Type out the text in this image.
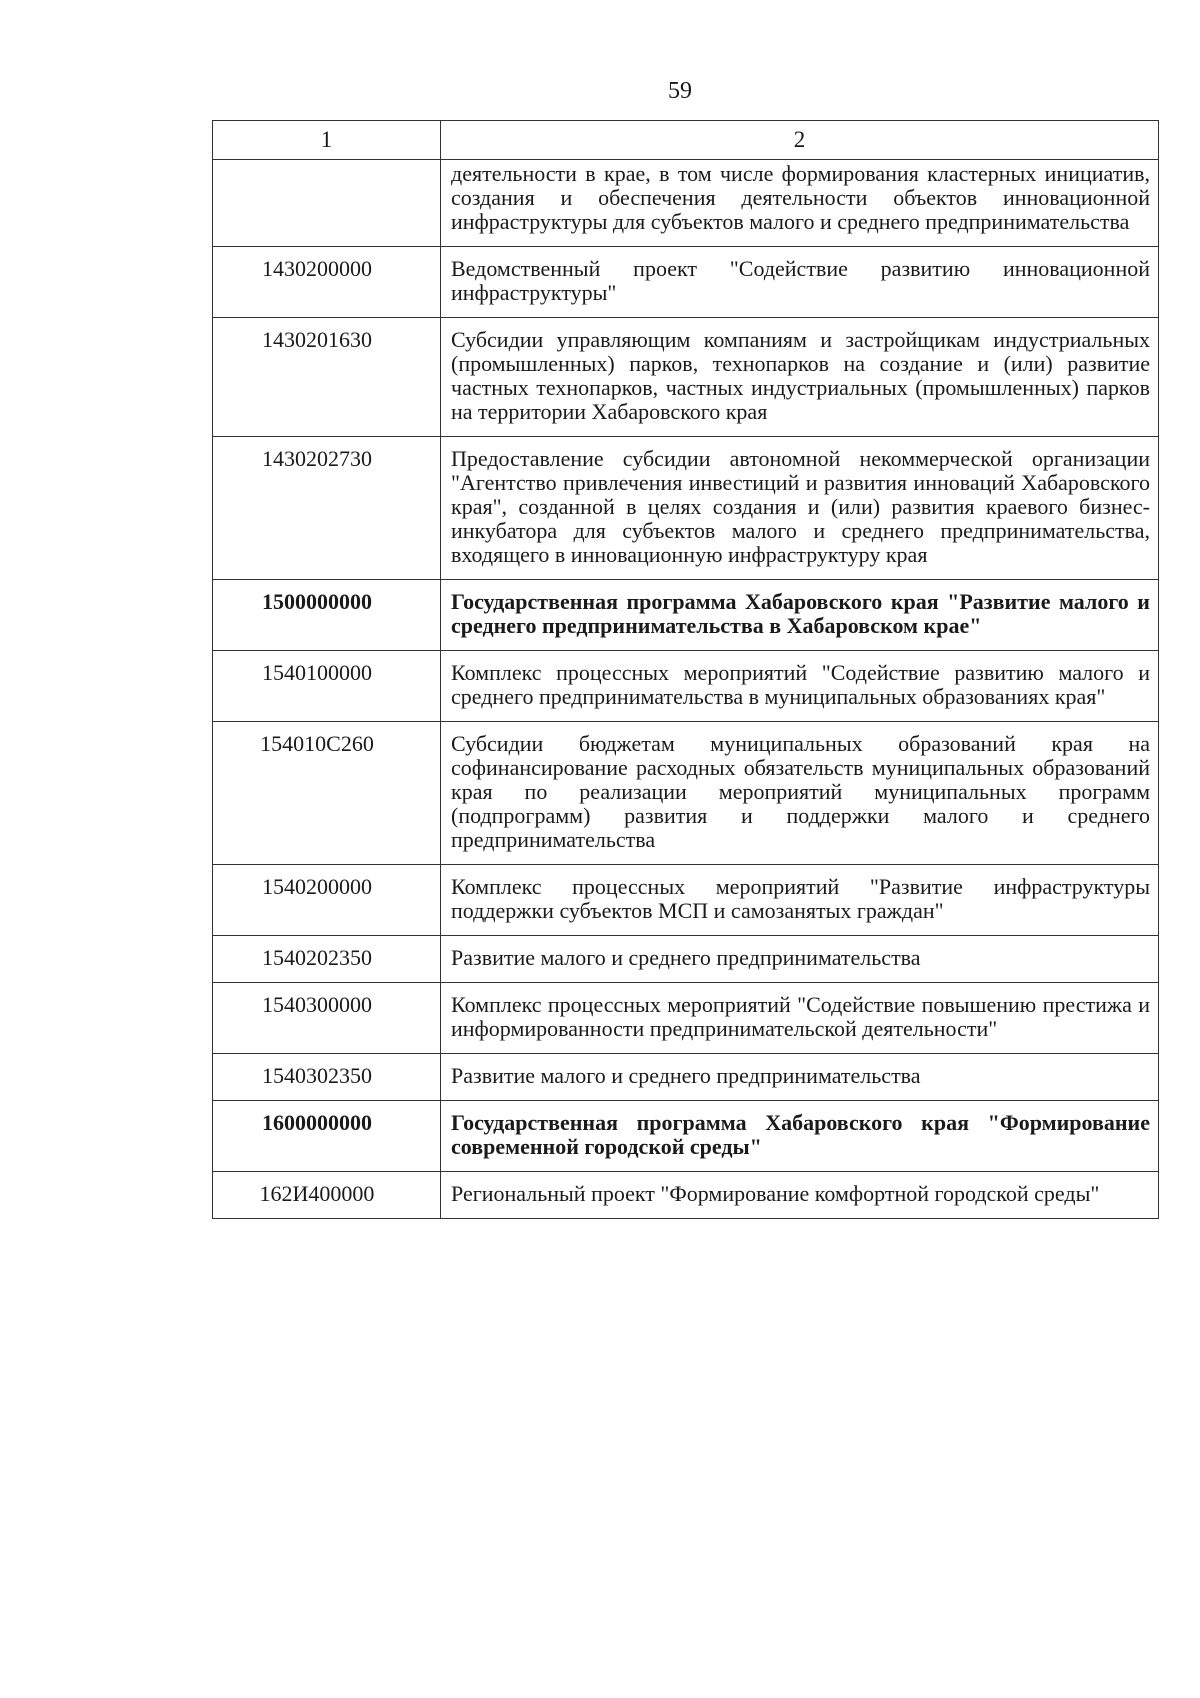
59
1	2
	деятельности в крае, в том числе формирования кластерных инициатив, создания и обеспечения деятельности объектов инновационной инфраструктуры для субъектов малого и среднего предпринимательства
1430200000	Ведомственный проект "Содействие развитию инновационной инфраструктуры"
1430201630	Субсидии управляющим компаниям и застройщикам индустриальных (промышленных) парков, технопарков на создание и (или) развитие частных технопарков, частных индустриальных (промышленных) парков на территории Хабаровского края
1430202730	Предоставление субсидии автономной некоммерческой организации "Агентство привлечения инвестиций и развития инноваций Хабаровского края", созданной в целях создания и (или) развития краевого бизнес-инкубатора для субъектов малого и среднего предпринимательства, входящего в инновационную инфраструктуру края
1500000000	Государственная программа Хабаровского края "Развитие малого и среднего предпринимательства в Хабаровском крае"
1540100000	Комплекс процессных мероприятий "Содействие развитию малого и среднего предпринимательства в муниципальных образованиях края"
154010С260	Субсидии бюджетам муниципальных образований края на софинансирование расходных обязательств муниципальных образований края по реализации мероприятий муниципальных программ (подпрограмм) развития и поддержки малого и среднего предпринимательства
1540200000	Комплекс процессных мероприятий "Развитие инфраструктуры поддержки субъектов МСП и самозанятых граждан"
1540202350	Развитие малого и среднего предпринимательства
1540300000	Комплекс процессных мероприятий "Содействие повышению престижа и информированности предпринимательской деятельности"
1540302350	Развитие малого и среднего предпринимательства
1600000000	Государственная программа Хабаровского края "Формирование современной городской среды"
162И400000	Региональный проект "Формирование комфортной городской среды"
